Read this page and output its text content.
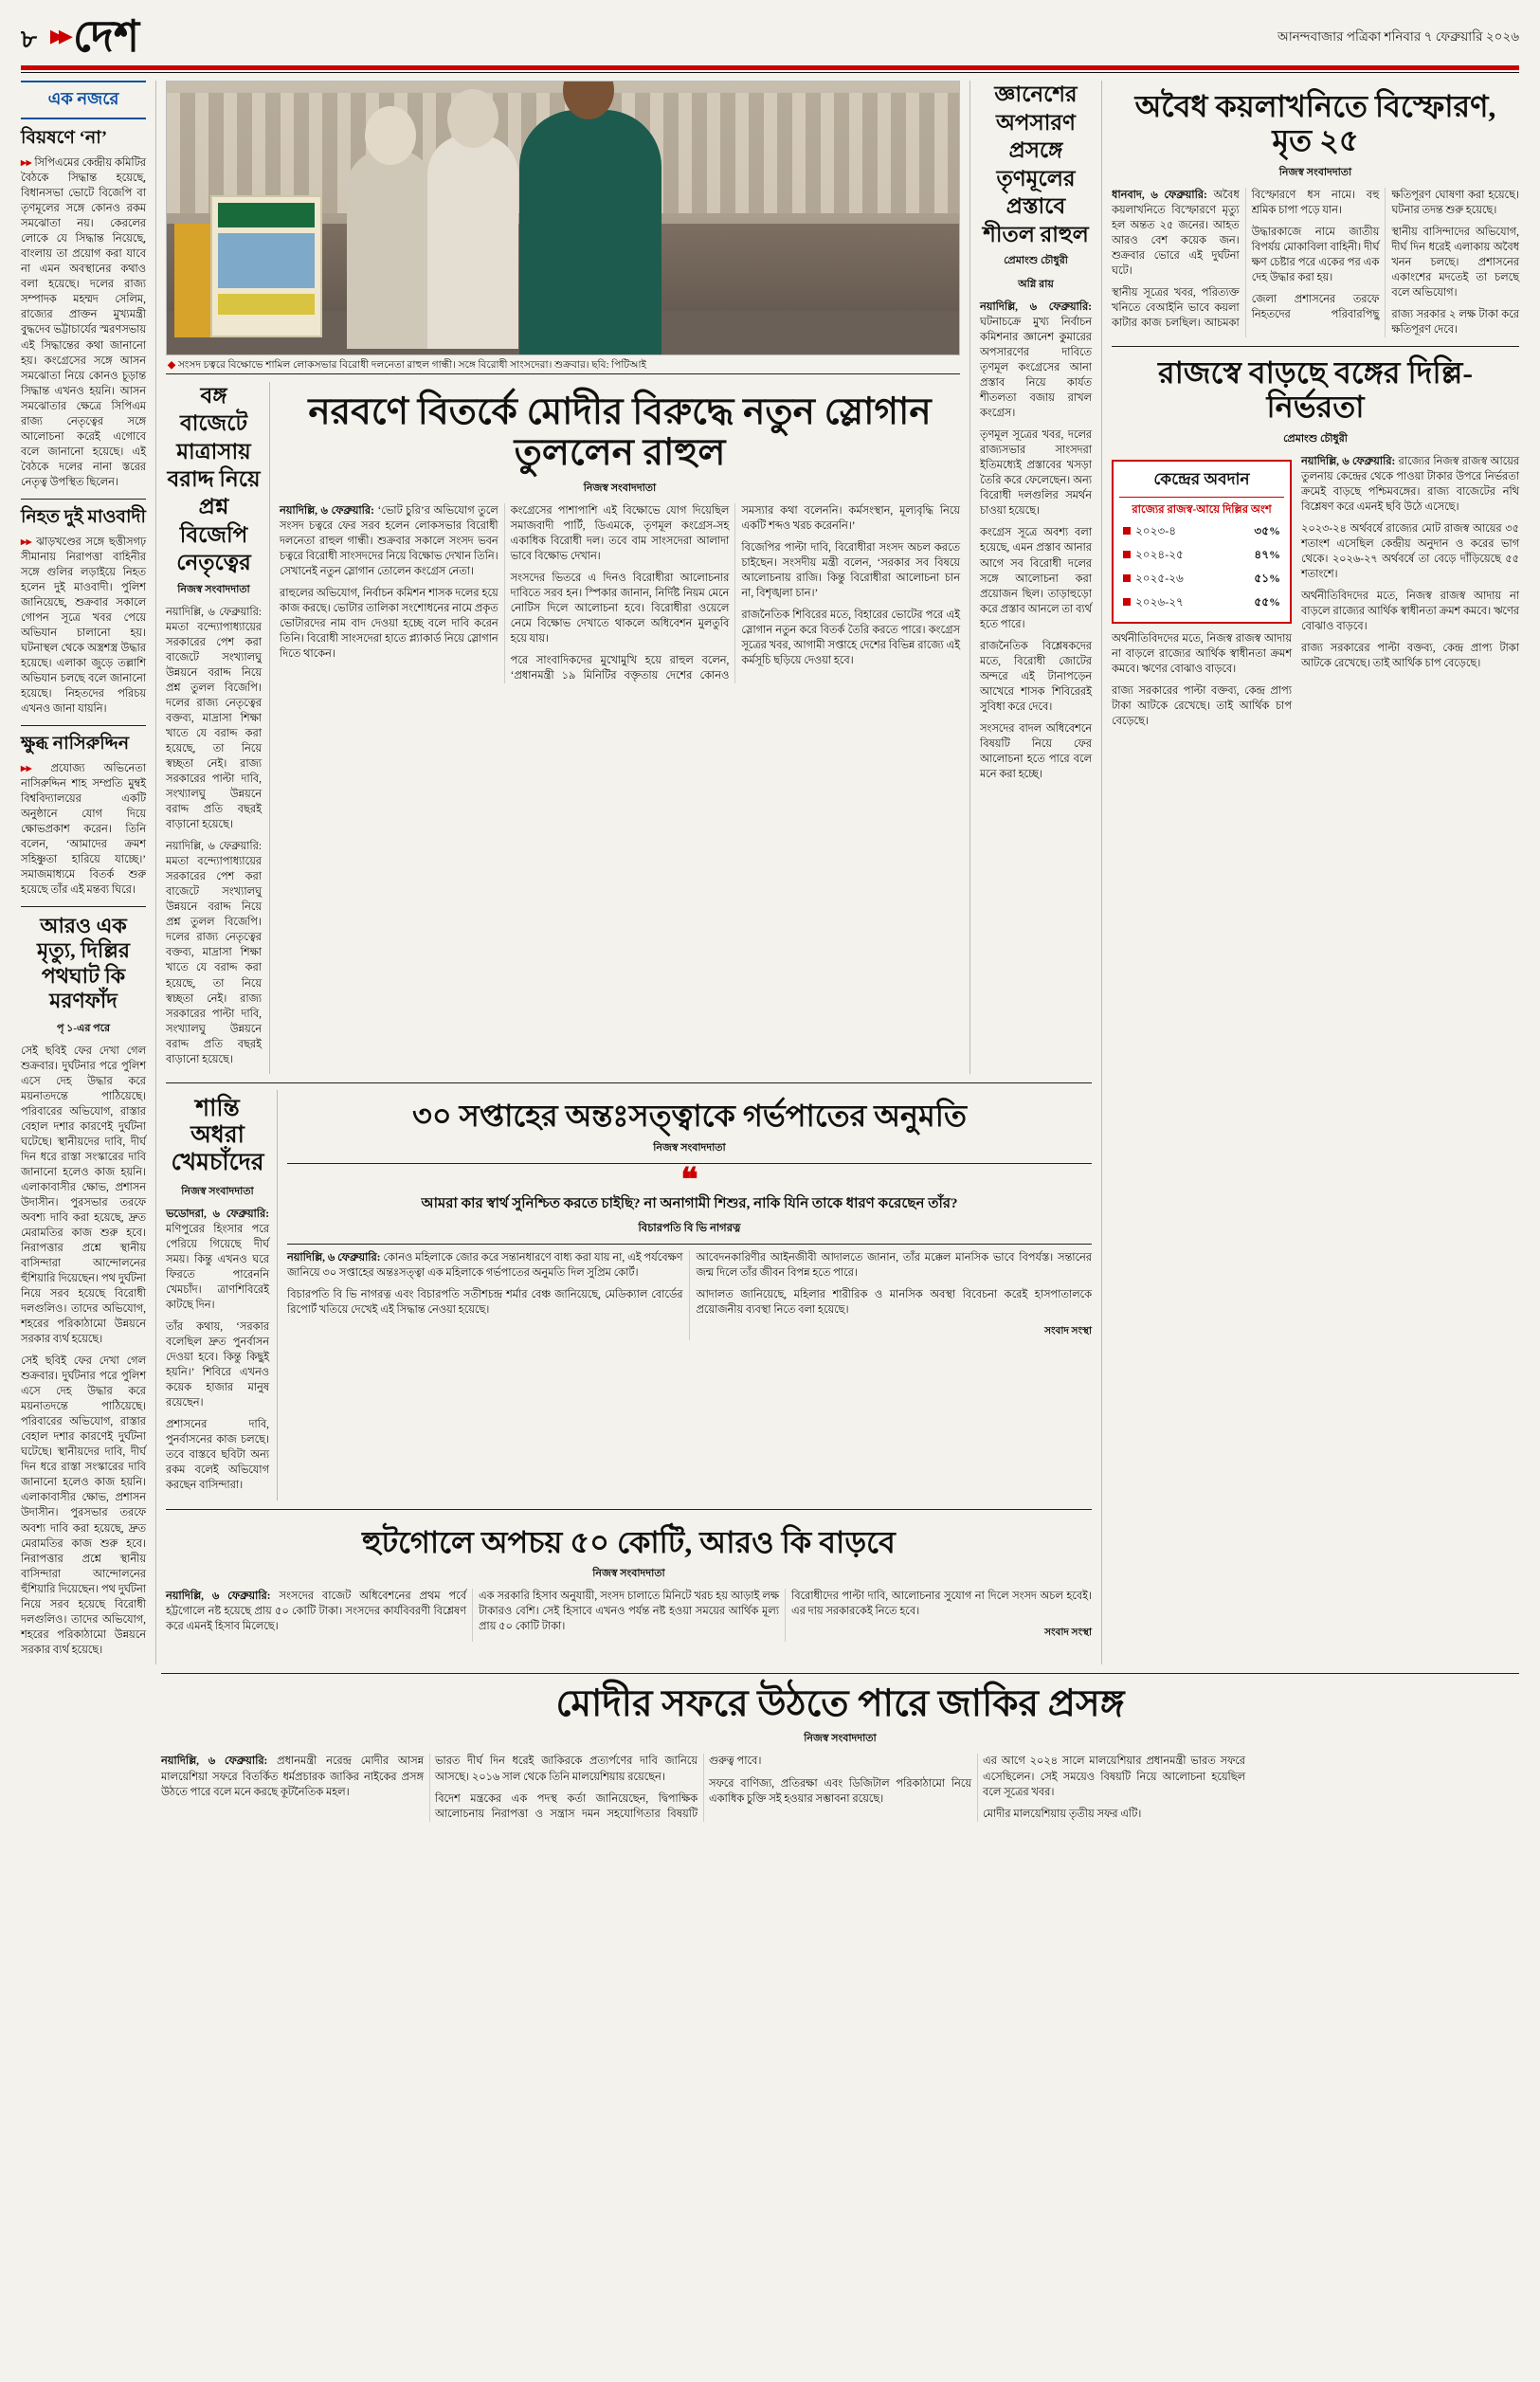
৮ ▸▸ দেশ	আনন্দবাজার পত্রিকা শনিবার ৭ ফেব্রুয়ারি ২০২৬
এক নজরে
বিয়ষণে ‘না’

▸▸ সিপিএমের কেন্দ্রীয় কমিটির বৈঠকে সিদ্ধান্ত হয়েছে, বিধানসভা ভোটে বিজেপি বা তৃণমূলের সঙ্গে কোনও রকম সমঝোতা নয়। কেরলের লোকে যে সিদ্ধান্ত নিয়েছে, বাংলায় তা প্রয়োগ করা যাবে না এমন অবস্থানের কথাও বলা হয়েছে। দলের রাজ্য সম্পাদক মহম্মদ সেলিম, রাজ্যের প্রাক্তন মুখ্যমন্ত্রী বুদ্ধদেব ভট্টাচার্যের স্মরণসভায় এই সিদ্ধান্তের কথা জানানো হয়। কংগ্রেসের সঙ্গে আসন সমঝোতা নিয়ে কোনও চূড়ান্ত সিদ্ধান্ত এখনও হয়নি। আসন সমঝোতার ক্ষেত্রে সিপিএম রাজ্য নেতৃত্বের সঙ্গে আলোচনা করেই এগোবে বলে জানানো হয়েছে। এই বৈঠকে দলের নানা স্তরের নেতৃত্ব উপস্থিত ছিলেন।

নিহত দুই মাওবাদী

▸▸ ঝাড়খণ্ডের সঙ্গে ছত্তীসগঢ় সীমানায় নিরাপত্তা বাহিনীর সঙ্গে গুলির লড়াইয়ে নিহত হলেন দুই মাওবাদী। পুলিশ জানিয়েছে, শুক্রবার সকালে গোপন সূত্রে খবর পেয়ে অভিযান চালানো হয়। ঘটনাস্থল থেকে অস্ত্রশস্ত্র উদ্ধার হয়েছে। এলাকা জুড়ে তল্লাশি অভিযান চলছে বলে জানানো হয়েছে। নিহতদের পরিচয় এখনও জানা যায়নি।

ক্ষুব্ধ নাসিরুদ্দিন

▸▸ প্রযোজ্য অভিনেতা নাসিরুদ্দিন শাহ সম্প্রতি মুম্বই বিশ্ববিদ্যালয়ের একটি অনুষ্ঠানে যোগ দিয়ে ক্ষোভপ্রকাশ করেন। তিনি বলেন, ‘আমাদের ক্রমশ সহিষ্ণুতা হারিয়ে যাচ্ছে।’ সমাজমাধ্যমে বিতর্ক শুরু হয়েছে তাঁর এই মন্তব্য ঘিরে।

আরও এক মৃত্যু, দিল্লির পথঘাট কি মরণফাঁদ
পৃ ১-এর পরে

সেই ছবিই ফের দেখা গেল শুক্রবার। দুর্ঘটনার পরে পুলিশ এসে দেহ উদ্ধার করে ময়নাতদন্তে পাঠিয়েছে। পরিবারের অভিযোগ, রাস্তার বেহাল দশার কারণেই দুর্ঘটনা ঘটেছে। স্থানীয়দের দাবি, দীর্ঘ দিন ধরে রাস্তা সংস্কারের দাবি জানানো হলেও কাজ হয়নি। এলাকাবাসীর ক্ষোভ, প্রশাসন উদাসীন। পুরসভার তরফে অবশ্য দাবি করা হয়েছে, দ্রুত মেরামতির কাজ শুরু হবে। নিরাপত্তার প্রশ্নে স্থানীয় বাসিন্দারা আন্দোলনের হুঁশিয়ারি দিয়েছেন। পথ দুর্ঘটনা নিয়ে সরব হয়েছে বিরোধী দলগুলিও। তাদের অভিযোগ, শহরের পরিকাঠামো উন্নয়নে সরকার ব্যর্থ হয়েছে।

সেই ছবিই ফের দেখা গেল শুক্রবার। দুর্ঘটনার পরে পুলিশ এসে দেহ উদ্ধার করে ময়নাতদন্তে পাঠিয়েছে। পরিবারের অভিযোগ, রাস্তার বেহাল দশার কারণেই দুর্ঘটনা ঘটেছে। স্থানীয়দের দাবি, দীর্ঘ দিন ধরে রাস্তা সংস্কারের দাবি জানানো হলেও কাজ হয়নি। এলাকাবাসীর ক্ষোভ, প্রশাসন উদাসীন। পুরসভার তরফে অবশ্য দাবি করা হয়েছে, দ্রুত মেরামতির কাজ শুরু হবে। নিরাপত্তার প্রশ্নে স্থানীয় বাসিন্দারা আন্দোলনের হুঁশিয়ারি দিয়েছেন। পথ দুর্ঘটনা নিয়ে সরব হয়েছে বিরোধী দলগুলিও। তাদের অভিযোগ, শহরের পরিকাঠামো উন্নয়নে সরকার ব্যর্থ হয়েছে।

◆ সংসদ চত্বরে বিক্ষোভে শামিল লোকসভার বিরোধী দলনেতা রাহুল গান্ধী। সঙ্গে বিরোধী সাংসদেরা। শুক্রবার। ছবি: পিটিআই
বঙ্গ বাজেটে মাত্রাসায় বরাদ্দ নিয়ে প্রশ্ন বিজেপি নেতৃত্বের
নিজস্ব সংবাদদাতা

নয়াদিল্লি, ৬ ফেব্রুয়ারি: মমতা বন্দ্যোপাধ্যায়ের সরকারের পেশ করা বাজেটে সংখ্যালঘু উন্নয়নে বরাদ্দ নিয়ে প্রশ্ন তুলল বিজেপি। দলের রাজ্য নেতৃত্বের বক্তব্য, মাদ্রাসা শিক্ষা খাতে যে বরাদ্দ করা হয়েছে, তা নিয়ে স্বচ্ছতা নেই। রাজ্য সরকারের পাল্টা দাবি, সংখ্যালঘু উন্নয়নে বরাদ্দ প্রতি বছরই বাড়ানো হয়েছে।

নয়াদিল্লি, ৬ ফেব্রুয়ারি: মমতা বন্দ্যোপাধ্যায়ের সরকারের পেশ করা বাজেটে সংখ্যালঘু উন্নয়নে বরাদ্দ নিয়ে প্রশ্ন তুলল বিজেপি। দলের রাজ্য নেতৃত্বের বক্তব্য, মাদ্রাসা শিক্ষা খাতে যে বরাদ্দ করা হয়েছে, তা নিয়ে স্বচ্ছতা নেই। রাজ্য সরকারের পাল্টা দাবি, সংখ্যালঘু উন্নয়নে বরাদ্দ প্রতি বছরই বাড়ানো হয়েছে।

নরবণে বিতর্কে মোদীর বিরুদ্ধে নতুন স্লোগান তুললেন রাহুল
নিজস্ব সংবাদদাতা

নয়াদিল্লি, ৬ ফেব্রুয়ারি: ‘ভোট চুরি’র অভিযোগ তুলে সংসদ চত্বরে ফের সরব হলেন লোকসভার বিরোধী দলনেতা রাহুল গান্ধী। শুক্রবার সকালে সংসদ ভবন চত্বরে বিরোধী সাংসদদের নিয়ে বিক্ষোভ দেখান তিনি। সেখানেই নতুন স্লোগান তোলেন কংগ্রেস নেতা।

রাহুলের অভিযোগ, নির্বাচন কমিশন শাসক দলের হয়ে কাজ করছে। ভোটার তালিকা সংশোধনের নামে প্রকৃত ভোটারদের নাম বাদ দেওয়া হচ্ছে বলে দাবি করেন তিনি। বিরোধী সাংসদেরা হাতে প্ল্যাকার্ড নিয়ে স্লোগান দিতে থাকেন।

কংগ্রেসের পাশাপাশি এই বিক্ষোভে যোগ দিয়েছিল সমাজবাদী পার্টি, ডিএমকে, তৃণমূল কংগ্রেস-সহ একাধিক বিরোধী দল। তবে বাম সাংসদেরা আলাদা ভাবে বিক্ষোভ দেখান।

সংসদের ভিতরে এ দিনও বিরোধীরা আলোচনার দাবিতে সরব হন। স্পিকার জানান, নির্দিষ্ট নিয়ম মেনে নোটিস দিলে আলোচনা হবে। বিরোধীরা ওয়েলে নেমে বিক্ষোভ দেখাতে থাকলে অধিবেশন মুলতুবি হয়ে যায়।

পরে সাংবাদিকদের মুখোমুখি হয়ে রাহুল বলেন, ‘প্রধানমন্ত্রী ১৯ মিনিটির বক্তৃতায় দেশের কোনও সমস্যার কথা বলেননি। কর্মসংস্থান, মূল্যবৃদ্ধি নিয়ে একটি শব্দও খরচ করেননি।’

বিজেপির পাল্টা দাবি, বিরোধীরা সংসদ অচল করতে চাইছেন। সংসদীয় মন্ত্রী বলেন, ‘সরকার সব বিষয়ে আলোচনায় রাজি। কিন্তু বিরোধীরা আলোচনা চান না, বিশৃঙ্খলা চান।’

রাজনৈতিক শিবিরের মতে, বিহারের ভোটের পরে এই স্লোগান নতুন করে বিতর্ক তৈরি করতে পারে। কংগ্রেস সূত্রের খবর, আগামী সপ্তাহে দেশের বিভিন্ন রাজ্যে এই কর্মসূচি ছড়িয়ে দেওয়া হবে।

জ্ঞানেশের অপসারণ প্রসঙ্গে তৃণমূলের প্রস্তাবে শীতল রাহুল
প্রেমাংশু চৌধুরী
অগ্নি রায়

নয়াদিল্লি, ৬ ফেব্রুয়ারি: ঘটনাচক্রে মুখ্য নির্বাচন কমিশনার জ্ঞানেশ কুমারের অপসারণের দাবিতে তৃণমূল কংগ্রেসের আনা প্রস্তাব নিয়ে কার্যত শীতলতা বজায় রাখল কংগ্রেস।

তৃণমূল সূত্রের খবর, দলের রাজ্যসভার সাংসদরা ইতিমধ্যেই প্রস্তাবের খসড়া তৈরি করে ফেলেছেন। অন্য বিরোধী দলগুলির সমর্থন চাওয়া হয়েছে।

কংগ্রেস সূত্রে অবশ্য বলা হয়েছে, এমন প্রস্তাব আনার আগে সব বিরোধী দলের সঙ্গে আলোচনা করা প্রয়োজন ছিল। তাড়াহুড়ো করে প্রস্তাব আনলে তা ব্যর্থ হতে পারে।

রাজনৈতিক বিশ্লেষকদের মতে, বিরোধী জোটের অন্দরে এই টানাপড়েন আখেরে শাসক শিবিরেরই সুবিধা করে দেবে।

সংসদের বাদল অধিবেশনে বিষয়টি নিয়ে ফের আলোচনা হতে পারে বলে মনে করা হচ্ছে।

শান্তি অধরা খেমচাঁদের
নিজস্ব সংবাদদাতা

ভডোদরা, ৬ ফেব্রুয়ারি: মণিপুরের হিংসার পরে পেরিয়ে গিয়েছে দীর্ঘ সময়। কিন্তু এখনও ঘরে ফিরতে পারেননি খেমচাঁদ। ত্রাণশিবিরেই কাটছে দিন।

তাঁর কথায়, ‘সরকার বলেছিল দ্রুত পুনর্বাসন দেওয়া হবে। কিন্তু কিছুই হয়নি।’ শিবিরে এখনও কয়েক হাজার মানুষ রয়েছেন।

প্রশাসনের দাবি, পুনর্বাসনের কাজ চলছে। তবে বাস্তবে ছবিটা অন্য রকম বলেই অভিযোগ করছেন বাসিন্দারা।

৩০ সপ্তাহের অন্তঃসত্ত্বাকে গর্ভপাতের অনুমতি
নিজস্ব সংবাদদাতা
❝
আমরা কার স্বার্থ সুনিশ্চিত করতে চাইছি? না অনাগামী শিশুর, নাকি যিনি তাকে ধারণ করেছেন তাঁর?
বিচারপতি বি ভি নাগরত্ন

নয়াদিল্লি, ৬ ফেব্রুয়ারি: কোনও মহিলাকে জোর করে সন্তানধারণে বাধ্য করা যায় না, এই পর্যবেক্ষণ জানিয়ে ৩০ সপ্তাহের অন্তঃসত্ত্বা এক মহিলাকে গর্ভপাতের অনুমতি দিল সুপ্রিম কোর্ট।

বিচারপতি বি ভি নাগরত্ন এবং বিচারপতি সতীশচন্দ্র শর্মার বেঞ্চ জানিয়েছে, মেডিক্যাল বোর্ডের রিপোর্ট খতিয়ে দেখেই এই সিদ্ধান্ত নেওয়া হয়েছে।

আবেদনকারিণীর আইনজীবী আদালতে জানান, তাঁর মক্কেল মানসিক ভাবে বিপর্যস্ত। সন্তানের জন্ম দিলে তাঁর জীবন বিপন্ন হতে পারে।

আদালত জানিয়েছে, মহিলার শারীরিক ও মানসিক অবস্থা বিবেচনা করেই হাসপাতালকে প্রয়োজনীয় ব্যবস্থা নিতে বলা হয়েছে।

সংবাদ সংস্থা
হুটগোলে অপচয় ৫০ কোটি, আরও কি বাড়বে
নিজস্ব সংবাদদাতা

নয়াদিল্লি, ৬ ফেব্রুয়ারি: সংসদের বাজেট অধিবেশনের প্রথম পর্বে হট্টগোলে নষ্ট হয়েছে প্রায় ৫০ কোটি টাকা। সংসদের কার্যবিবরণী বিশ্লেষণ করে এমনই হিসাব মিলেছে।

এক সরকারি হিসাব অনুযায়ী, সংসদ চালাতে মিনিটে খরচ হয় আড়াই লক্ষ টাকারও বেশি। সেই হিসাবে এখনও পর্যন্ত নষ্ট হওয়া সময়ের আর্থিক মূল্য প্রায় ৫০ কোটি টাকা।

বিরোধীদের পাল্টা দাবি, আলোচনার সুযোগ না দিলে সংসদ অচল হবেই। এর দায় সরকারকেই নিতে হবে।

সংবাদ সংস্থা
অবৈধ কয়লাখনিতে বিস্ফোরণ, মৃত ২৫
নিজস্ব সংবাদদাতা

ধানবাদ, ৬ ফেব্রুয়ারি: অবৈধ কয়লাখনিতে বিস্ফোরণে মৃত্যু হল অন্তত ২৫ জনের। আহত আরও বেশ কয়েক জন। শুক্রবার ভোরে এই দুর্ঘটনা ঘটে।

স্থানীয় সূত্রের খবর, পরিত্যক্ত খনিতে বেআইনি ভাবে কয়লা কাটার কাজ চলছিল। আচমকা বিস্ফোরণে ধস নামে। বহু শ্রমিক চাপা পড়ে যান।

উদ্ধারকাজে নামে জাতীয় বিপর্যয় মোকাবিলা বাহিনী। দীর্ঘ ক্ষণ চেষ্টার পরে একের পর এক দেহ উদ্ধার করা হয়।

জেলা প্রশাসনের তরফে নিহতদের পরিবারপিছু ক্ষতিপূরণ ঘোষণা করা হয়েছে। ঘটনার তদন্ত শুরু হয়েছে।

স্থানীয় বাসিন্দাদের অভিযোগ, দীর্ঘ দিন ধরেই এলাকায় অবৈধ খনন চলছে। প্রশাসনের একাংশের মদতেই তা চলছে বলে অভিযোগ।

রাজ্য সরকার ২ লক্ষ টাকা করে ক্ষতিপূরণ দেবে।

রাজস্বে বাড়ছে বঙ্গের দিল্লি-নির্ভরতা
প্রেমাংশু চৌধুরী
কেন্দ্রের অবদান
রাজ্যের রাজস্ব-আয়ে দিল্লির অংশ
২০২৩-৪	৩৫%
২০২৪-২৫	৪৭%
২০২৫-২৬	৫১%
২০২৬-২৭	৫৫%

অর্থনীতিবিদদের মতে, নিজস্ব রাজস্ব আদায় না বাড়লে রাজ্যের আর্থিক স্বাধীনতা ক্রমশ কমবে। ঋণের বোঝাও বাড়বে।

রাজ্য সরকারের পাল্টা বক্তব্য, কেন্দ্র প্রাপ্য টাকা আটকে রেখেছে। তাই আর্থিক চাপ বেড়েছে।

নয়াদিল্লি, ৬ ফেব্রুয়ারি: রাজ্যের নিজস্ব রাজস্ব আয়ের তুলনায় কেন্দ্রের থেকে পাওয়া টাকার উপরে নির্ভরতা ক্রমেই বাড়ছে পশ্চিমবঙ্গের। রাজ্য বাজেটের নথি বিশ্লেষণ করে এমনই ছবি উঠে এসেছে।

২০২৩-২৪ অর্থবর্ষে রাজ্যের মোট রাজস্ব আয়ের ৩৫ শতাংশ এসেছিল কেন্দ্রীয় অনুদান ও করের ভাগ থেকে। ২০২৬-২৭ অর্থবর্ষে তা বেড়ে দাঁড়িয়েছে ৫৫ শতাংশে।

অর্থনীতিবিদদের মতে, নিজস্ব রাজস্ব আদায় না বাড়লে রাজ্যের আর্থিক স্বাধীনতা ক্রমশ কমবে। ঋণের বোঝাও বাড়বে।

রাজ্য সরকারের পাল্টা বক্তব্য, কেন্দ্র প্রাপ্য টাকা আটকে রেখেছে। তাই আর্থিক চাপ বেড়েছে।

মোদীর সফরে উঠতে পারে জাকির প্রসঙ্গ
নিজস্ব সংবাদদাতা

নয়াদিল্লি, ৬ ফেব্রুয়ারি: প্রধানমন্ত্রী নরেন্দ্র মোদীর আসন্ন মালয়েশিয়া সফরে বিতর্কিত ধর্মপ্রচারক জাকির নাইকের প্রসঙ্গ উঠতে পারে বলে মনে করছে কূটনৈতিক মহল।

ভারত দীর্ঘ দিন ধরেই জাকিরকে প্রত্যর্পণের দাবি জানিয়ে আসছে। ২০১৬ সাল থেকে তিনি মালয়েশিয়ায় রয়েছেন।

বিদেশ মন্ত্রকের এক পদস্থ কর্তা জানিয়েছেন, দ্বিপাক্ষিক আলোচনায় নিরাপত্তা ও সন্ত্রাস দমন সহযোগিতার বিষয়টি গুরুত্ব পাবে।

সফরে বাণিজ্য, প্রতিরক্ষা এবং ডিজিটাল পরিকাঠামো নিয়ে একাধিক চুক্তি সই হওয়ার সম্ভাবনা রয়েছে।

এর আগে ২০২৪ সালে মালয়েশিয়ার প্রধানমন্ত্রী ভারত সফরে এসেছিলেন। সেই সময়েও বিষয়টি নিয়ে আলোচনা হয়েছিল বলে সূত্রের খবর।

মোদীর মালয়েশিয়ায় তৃতীয় সফর এটি।
